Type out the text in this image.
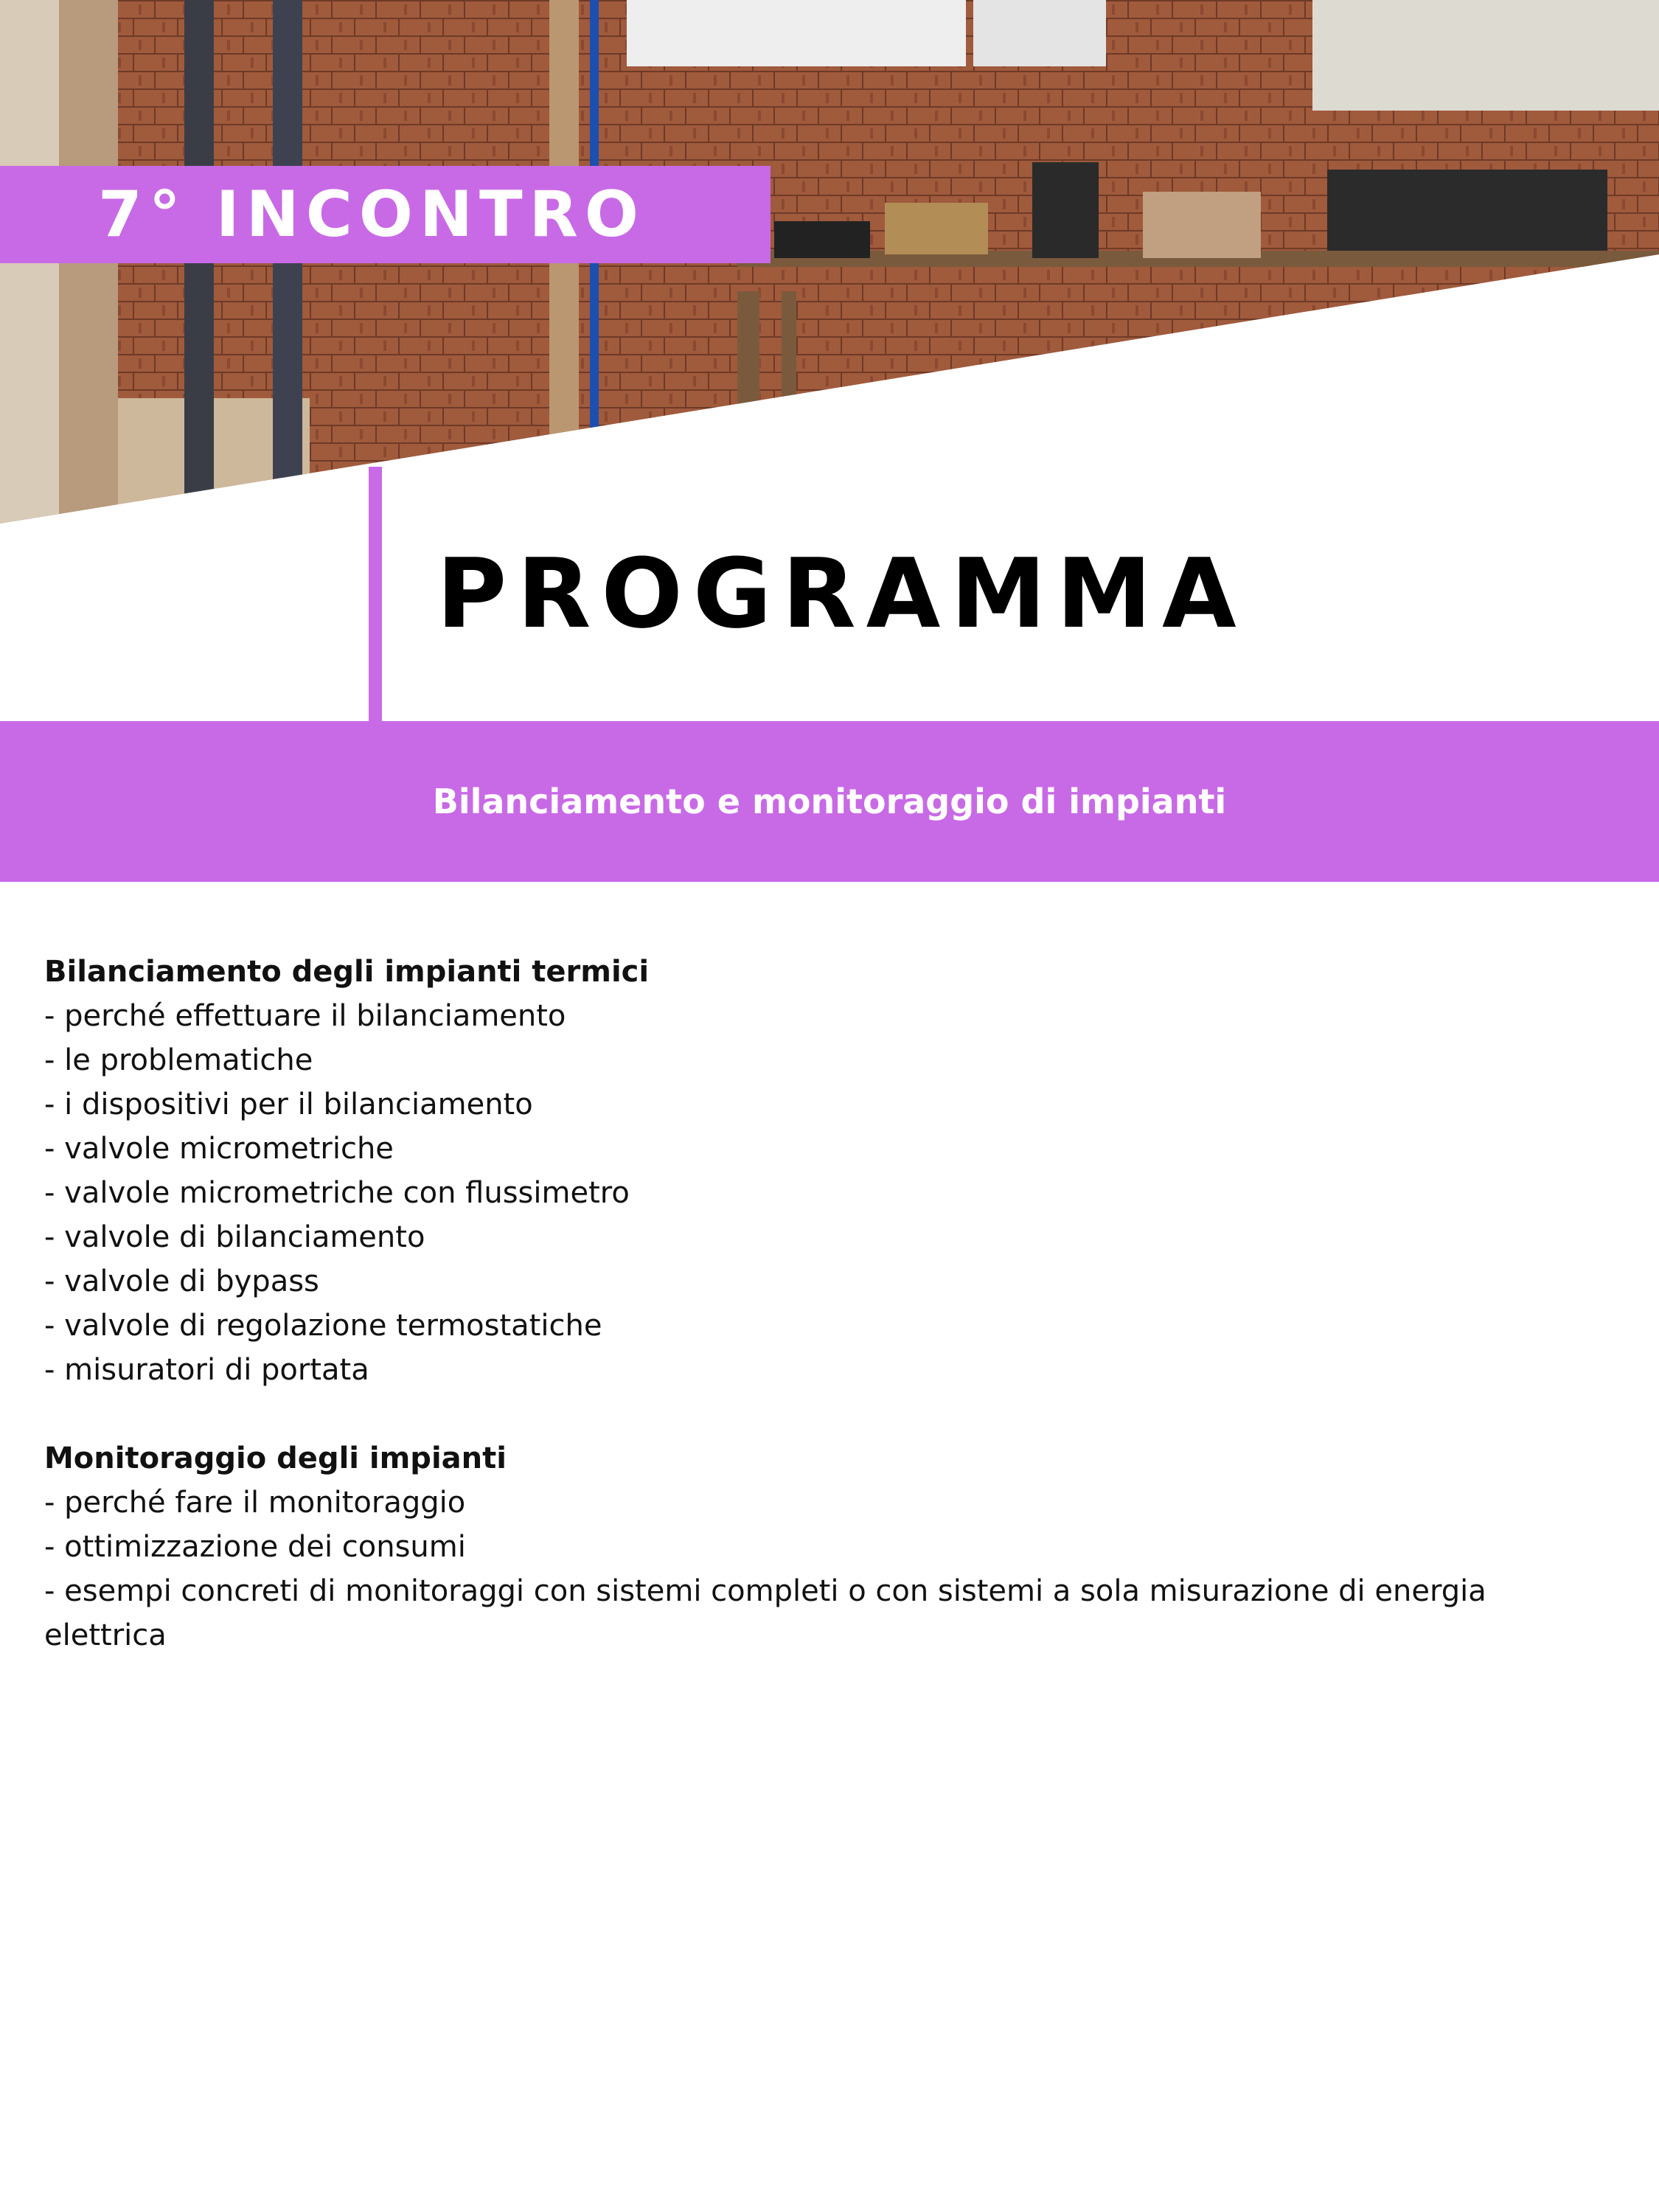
7° INCONTRO
PROGRAMMA
Bilanciamento e monitoraggio di impianti

Bilanciamento degli impianti termici

- perché effettuare il bilanciamento

- le problematiche

- i dispositivi per il bilanciamento

- valvole micrometriche

- valvole micrometriche con flussimetro

- valvole di bilanciamento

- valvole di bypass

- valvole di regolazione termostatiche

- misuratori di portata

Monitoraggio degli impianti

- perché fare il monitoraggio

- ottimizzazione dei consumi

- esempi concreti di monitoraggi con sistemi completi o con sistemi a sola misurazione di energia

elettrica
